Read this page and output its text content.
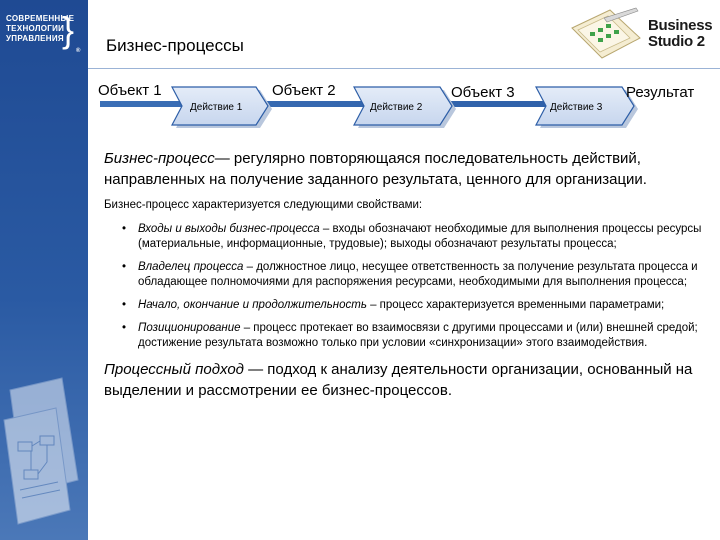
СОВРЕМЕННЫЕ
ТЕХНОЛОГИИ
УПРАВЛЕНИЯ
}
® Бизнес-процессы
Business
Studio 2
Объект 1	Объект 2	Объект 3	Результат
Действие 1	Действие 2	Действие 3

Бизнес-процесс— регулярно повторяющаяся последовательность действий, направленных на получение заданного результата, ценного для организации.

Бизнес-процесс характеризуется следующими свойствами:

• Входы и выходы бизнес-процесса – входы обозначают необходимые для выполнения процессы ресурсы (материальные, информационные, трудовые); выходы обозначают результаты процесса;
• Владелец процесса – должностное лицо, несущее ответственность за получение результата процесса и обладающее полномочиями для распоряжения ресурсами, необходимыми для выполнения процесса;
• Начало, окончание и продолжительность – процесс характеризуется временными параметрами;
• Позиционирование – процесс протекает во взаимосвязи с другими процессами и (или) внешней средой; достижение результата возможно только при условии «синхронизации» этого взаимодействия.

Процессный подход — подход к анализу деятельности организации, основанный на выделении и рассмотрении ее бизнес-процессов.
